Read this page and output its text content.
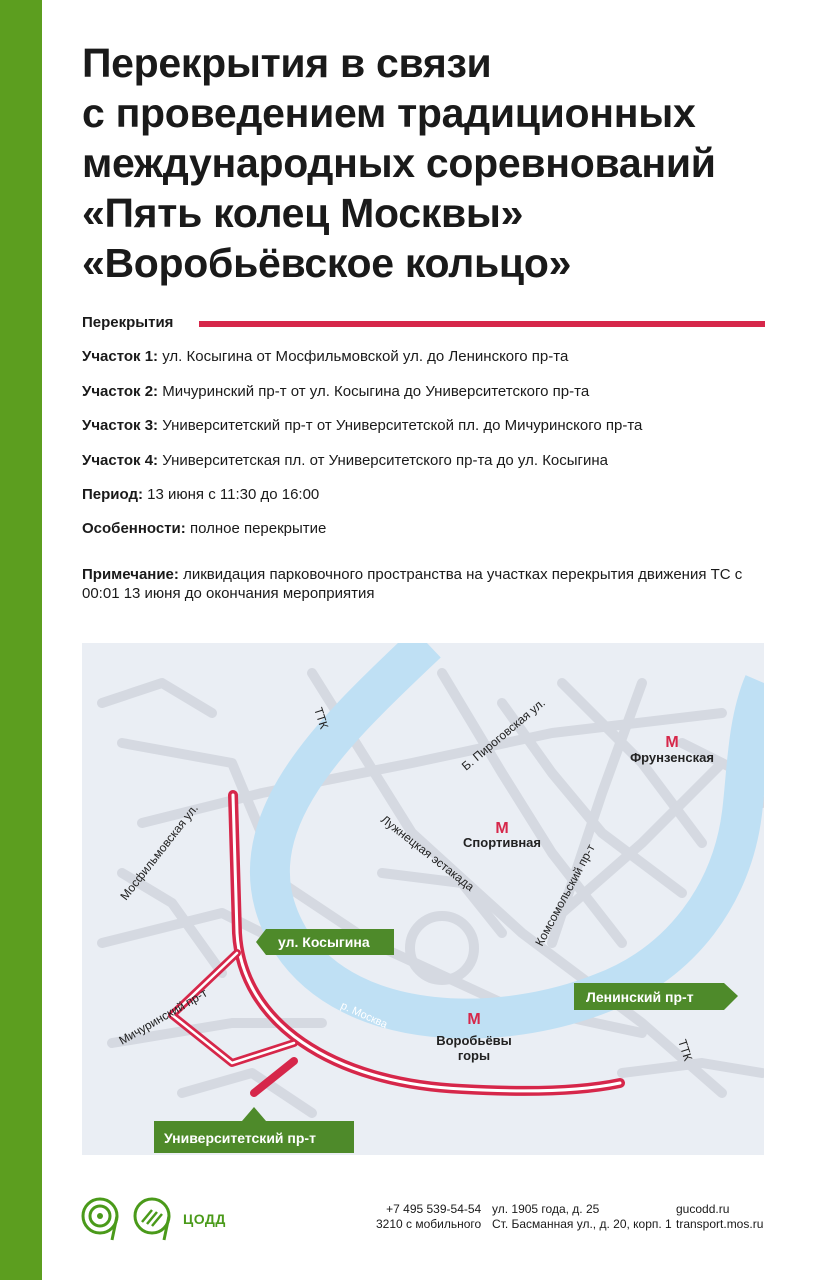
Перекрытия в связи
с проведением традиционных
международных соревнований
«Пять колец Москвы»
«Воробьёвское кольцо»
Перекрытия
Участок 1: ул. Косыгина от Мосфильмовской ул. до Ленинского пр-та
Участок 2: Мичуринский пр-т от ул. Косыгина до Университетского пр-та
Участок 3: Университетский пр-т от Университетской пл. до Мичуринского пр-та
Участок 4: Университетская пл. от Университетского пр-та до ул. Косыгина
Период: 13 июня с 11:30 до 16:00
Особенности: полное перекрытие
Примечание: ликвидация парковочного пространства на участках перекрытия движения ТС с 00:01 13 июня до окончания мероприятия
ТТК
Мосфильмовская ул.
Б. Пироговская ул.
Лужнецкая эстакада	Комсомольский пр-т
Мичуринский пр-т
ТТК
р. Москва
М
Фрунзенская
М
Спортивная
М
Воробьёвы
горы
ул. Косыгина
Ленинский пр-т
Университетский пр-т
ЦОДД
+7 495 539-54-54
3210 с мобильного
ул. 1905 года, д. 25
Ст. Басманная ул., д. 20, корп. 1
gucodd.ru
transport.mos.ru
